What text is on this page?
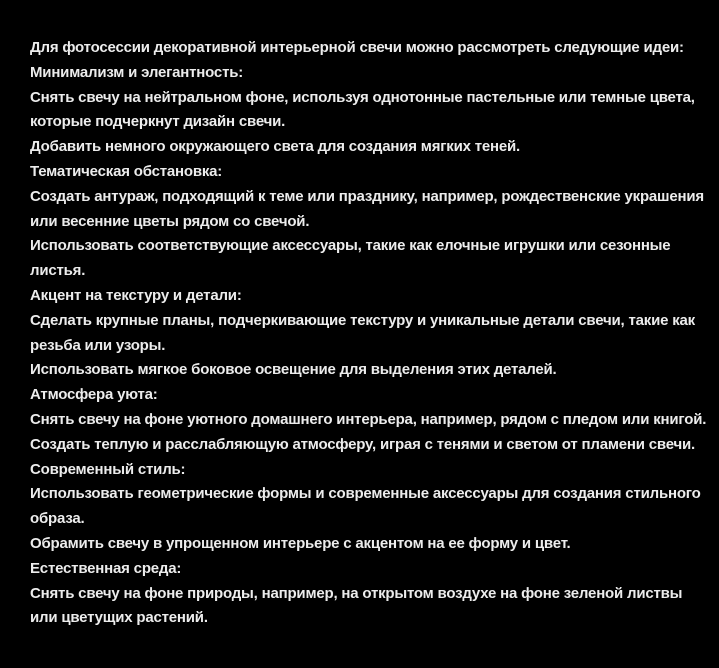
Для фотосессии декоративной интерьерной свечи можно рассмотреть следующие идеи:

Минимализм и элегантность:

Снять свечу на нейтральном фоне, используя однотонные пастельные или темные цвета, которые подчеркнут дизайн свечи.

Добавить немного окружающего света для создания мягких теней.

Тематическая обстановка:

Создать антураж, подходящий к теме или празднику, например, рождественские украшения или весенние цветы рядом со свечой.

Использовать соответствующие аксессуары, такие как елочные игрушки или сезонные листья.

Акцент на текстуру и детали:

Сделать крупные планы, подчеркивающие текстуру и уникальные детали свечи, такие как резьба или узоры.

Использовать мягкое боковое освещение для выделения этих деталей.

Атмосфера уюта:

Снять свечу на фоне уютного домашнего интерьера, например, рядом с пледом или книгой.

Создать теплую и расслабляющую атмосферу, играя с тенями и светом от пламени свечи.

Современный стиль:

Использовать геометрические формы и современные аксессуары для создания стильного образа.

Обрамить свечу в упрощенном интерьере с акцентом на ее форму и цвет.

Естественная среда:

Снять свечу на фоне природы, например, на открытом воздухе на фоне зеленой листвы или цветущих растений.
